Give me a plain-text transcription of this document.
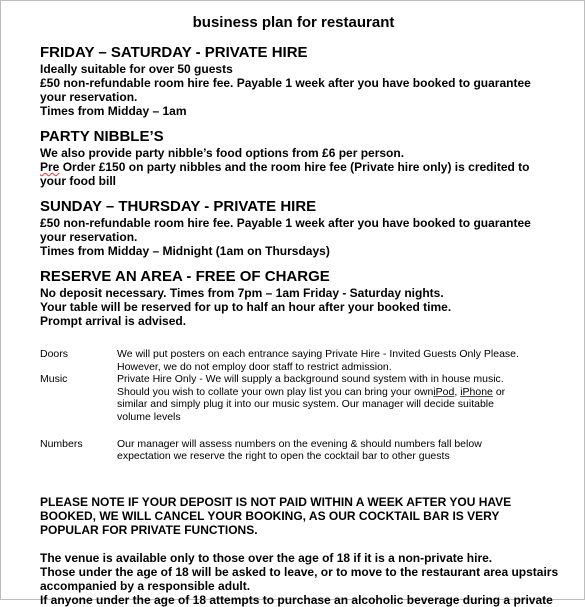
business plan for restaurant

FRIDAY – SATURDAY - PRIVATE HIRE

Ideally suitable for over 50 guests

£50 non-refundable room hire fee. Payable 1 week after you have booked to guarantee

your reservation.

Times from Midday – 1am

PARTY NIBBLE’S

We also provide party nibble’s food options from £6 per person.

Pre Order £150 on party nibbles and the room hire fee (Private hire only) is credited to

your food bill

SUNDAY – THURSDAY - PRIVATE HIRE

£50 non-refundable room hire fee. Payable 1 week after you have booked to guarantee

your reservation.

Times from Midday – Midnight (1am on Thursdays)

RESERVE AN AREA - FREE OF CHARGE

No deposit necessary. Times from 7pm – 1am Friday - Saturday nights.

Your table will be reserved for up to half an hour after your booked time.

Prompt arrival is advised.

Doors	We will put posters on each entrance saying Private Hire - Invited Guests Only Please.
However, we do not employ door staff to restrict admission.
Music	Private Hire Only - We will supply a background sound system with in house music.
Should you wish to collate your own play list you can bring your owniPod, iPhone or
similar and simply plug it into our music system. Our manager will decide suitable
volume levels
Numbers	Our manager will assess numbers on the evening & should numbers fall below
expectation we reserve the right to open the cocktail bar to other guests

PLEASE NOTE IF YOUR DEPOSIT IS NOT PAID WITHIN A WEEK AFTER YOU HAVE

BOOKED, WE WILL CANCEL YOUR BOOKING, AS OUR COCKTAIL BAR IS VERY

POPULAR FOR PRIVATE FUNCTIONS.

The venue is available only to those over the age of 18 if it is a non-private hire.

Those under the age of 18 will be asked to leave, or to move to the restaurant area upstairs

accompanied by a responsible adult.

If anyone under the age of 18 attempts to purchase an alcoholic beverage during a private
